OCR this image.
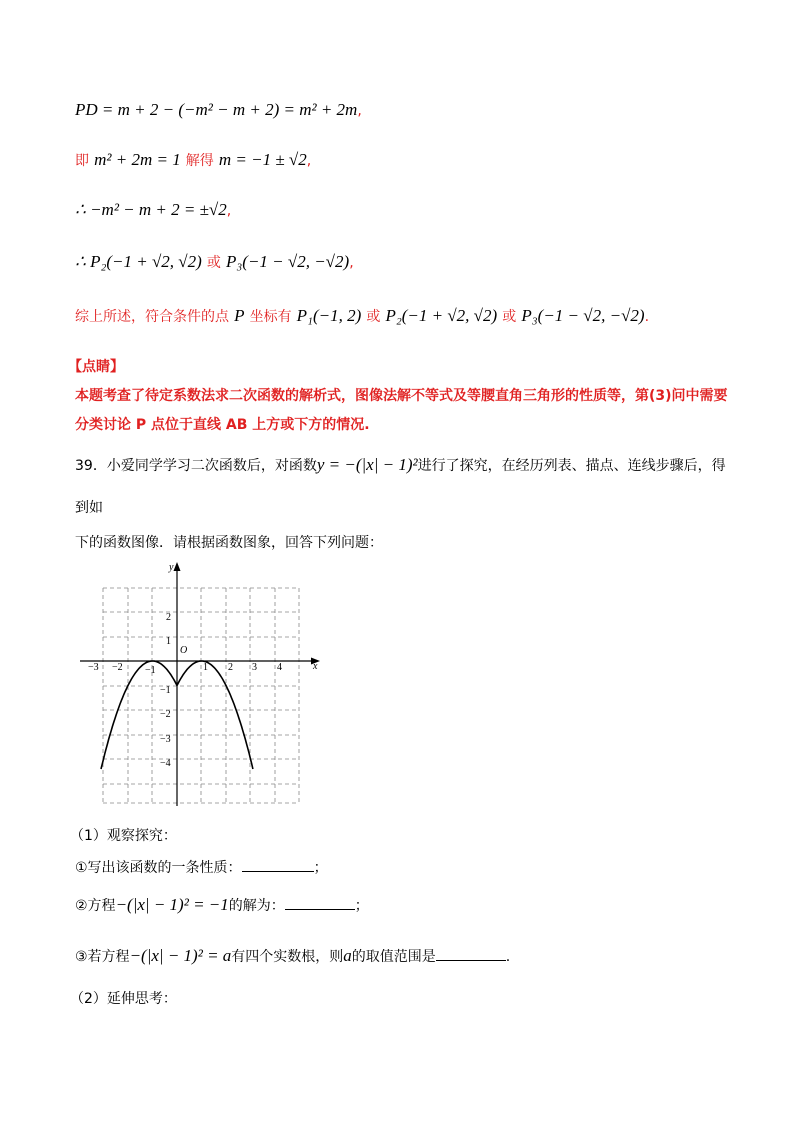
PD = m + 2 − (−m² − m + 2) = m² + 2m,
即 m² + 2m = 1 解得 m = −1 ± √2,
∴ −m² − m + 2 = ±√2,
∴ P₂(−1 + √2, √2) 或 P₃(−1 − √2, −√2),
综上所述，符合条件的点 P 坐标有 P₁(−1, 2) 或 P₂(−1 + √2, √2) 或 P₃(−1 − √2, −√2).
【点睛】
本题考查了待定系数法求二次函数的解析式，图像法解不等式及等腰直角三角形的性质等，第(3)问中需要
分类讨论 P 点位于直线 AB 上方或下方的情况.
39．小爱同学学习二次函数后，对函数y = −(|x| − 1)²进行了探究，在经历列表、描点、连线步骤后，得
到如
下的函数图像．请根据函数图象，回答下列问题：
y
x
O
−3 −2 −1	1 2 3 4
2
1
−1
−2
−3
−4
（1）观察探究：
①写出该函数的一条性质：	；
②方程−(|x| − 1)² = −1的解为：	；
③若方程−(|x| − 1)² = a有四个实数根，则a的取值范围是	.
（2）延伸思考：
